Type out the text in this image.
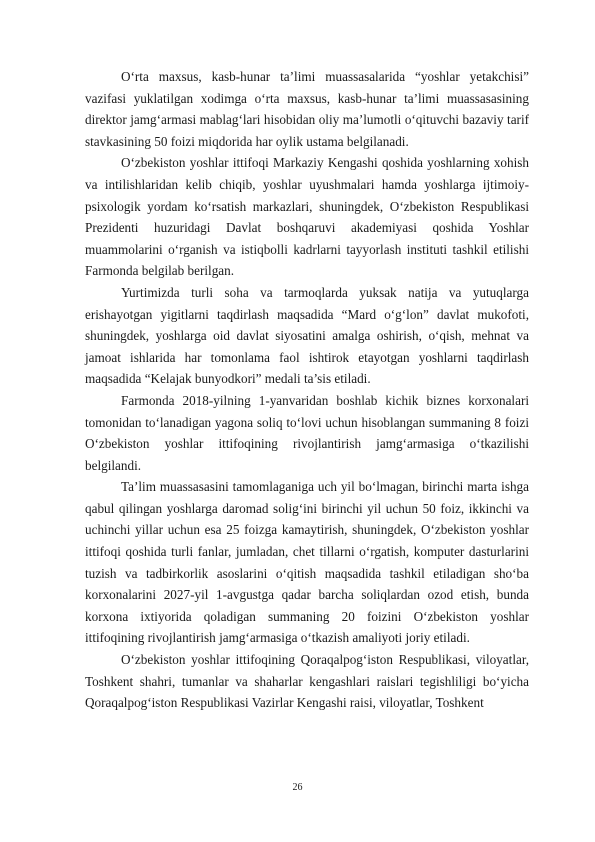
O‘rta maxsus, kasb-hunar ta’limi muassasalarida “yoshlar yetakchisi” vazifasi yuklatilgan xodimga o‘rta maxsus, kasb-hunar ta’limi muassasasining direktor jamg‘armasi mablag‘lari hisobidan oliy ma’lumotli o‘qituvchi bazaviy tarif stavkasining 50 foizi miqdorida har oylik ustama belgilanadi.

O‘zbekiston yoshlar ittifoqi Markaziy Kengashi qoshida yoshlarning xohish va intilishlaridan kelib chiqib, yoshlar uyushmalari hamda yoshlarga ijtimoiy-psixologik yordam ko‘rsatish markazlari, shuningdek, O‘zbekiston Respublikasi Prezidenti huzuridagi Davlat boshqaruvi akademiyasi qoshida Yoshlar muammolarini o‘rganish va istiqbolli kadrlarni tayyorlash instituti tashkil etilishi Farmonda belgilab berilgan.

Yurtimizda turli soha va tarmoqlarda yuksak natija va yutuqlarga erishayotgan yigitlarni taqdirlash maqsadida “Mard o‘g‘lon” davlat mukofoti, shuningdek, yoshlarga oid davlat siyosatini amalga oshirish, o‘qish, mehnat va jamoat ishlarida har tomonlama faol ishtirok etayotgan yoshlarni taqdirlash maqsadida “Kelajak bunyodkori” medali ta’sis etiladi.

Farmonda 2018-yilning 1-yanvaridan boshlab kichik biznes korxonalari tomonidan to‘lanadigan yagona soliq to‘lovi uchun hisoblangan summaning 8 foizi O‘zbekiston yoshlar ittifoqining rivojlantirish jamg‘armasiga o‘tkazilishi belgilandi.

Ta’lim muassasasini tamomlaganiga uch yil bo‘lmagan, birinchi marta ishga qabul qilingan yoshlarga daromad solig‘ini birinchi yil uchun 50 foiz, ikkinchi va uchinchi yillar uchun esa 25 foizga kamaytirish, shuningdek, O‘zbekiston yoshlar ittifoqi qoshida turli fanlar, jumladan, chet tillarni o‘rgatish, komputer dasturlarini tuzish va tadbirkorlik asoslarini o‘qitish maqsadida tashkil etiladigan sho‘ba korxonalarini 2027-yil 1-avgustga qadar barcha soliqlardan ozod etish, bunda korxona ixtiyorida qoladigan summaning 20 foizini O‘zbekiston yoshlar ittifoqining rivojlantirish jamg‘armasiga o‘tkazish amaliyoti joriy etiladi.

O‘zbekiston yoshlar ittifoqining Qoraqalpog‘iston Respublikasi, viloyatlar, Toshkent shahri, tumanlar va shaharlar kengashlari raislari tegishliligi bo‘yicha Qoraqalpog‘iston Respublikasi Vazirlar Kengashi raisi, viloyatlar, Toshkent

26
